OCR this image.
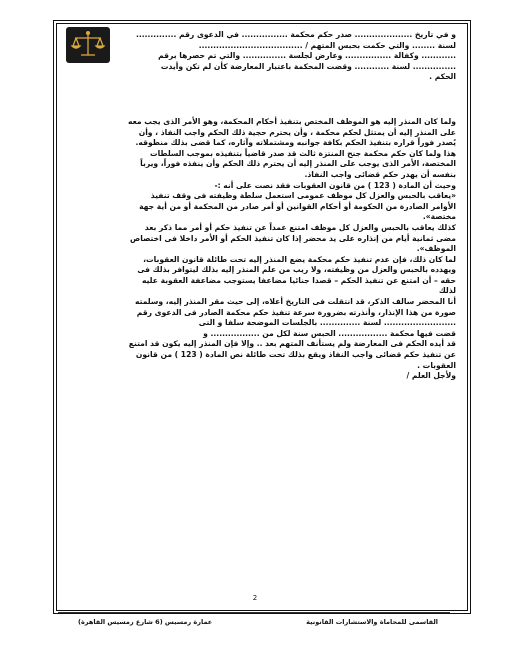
و في تاريخ .................... صدر حكم محكمة ................ في الدعوى رقم ..............

لسنة ........ والتي حكمت بحبس المتهم / ....................................

............ وكفالة ................ وعارض لجلسة ............... والتي تم حصرها برقم

............... لسنة ............ وقضت المحكمة باعتبار المعارضة كأن لم تكن وأيدت

الحكم .

ولما كان المنذر إليه هو الموظف المختص بتنفيذ أحكام المحكمة، وهو الأمر الذى يجب معه على المنذر إليه أن يمتثل لحكم محكمة ، وأن يحترم حجية ذلك الحكم واجب النفاذ ، وأن يُصدر فوراً قراره بتنفيذ الحكم بكافة جوانبه ومشتملاته وآثاره، كما قضى بذلك منطوقه.

هذا ولما كان حكم محكمة جنح المنتزة ثالث قد صدر قاضياً بتنفيذه بموجب السلطات المختصة، الأمر الذى يوجب على المنذر إليه أن يحترم ذلك الحكم وأن ينفذه فوراً، ويرباً بنفسه أن يهدر حكم قضائى واجب النفاذ.

وحيث أن المادة ( 123 ) من قانون العقوبات فقد نصت على أنه :-

«يعاقب بالحبس والعزل كل موظف عمومى استعمل سلطة وظيفته فى وقف تنفيذ الأوامر الصادرة من الحكومة أو أحكام القوانين أو أمر صادر من المحكمة أو من أية جهة مختصة».

كذلك يعاقب بالحبس والعزل كل موظف امتنع عمداً عن تنفيذ حكم أو أمر مما ذكر بعد مضى ثمانية أيام من إنذاره على يد محضر إذا كان تنفيذ الحكم أو الأمر داخلا فى اختصاص الموظف».

لما كان ذلك، فإن عدم تنفيذ حكم محكمة يضع المنذر إليه تحت طائلة قانون العقوبات، ويهدده بالحبس والعزل من وظيفته، ولا ريب من علم المنذر إليه بذلك ليتوافر بذلك فى حقه – أن امتنع عن تنفيذ الحكم – قصدا جنائيا مضاعفا يستوجب مضاعفة العقوبة عليه لذلك

أنا المحضر سالف الذكر، قد انتقلت فى التاريخ أعلاه، إلى حيث مقر المنذر إليه، وسلمته صورة من هذا الإنذار، وأنذرته بضرورة سرعة تنفيذ حكم محكمة الصادر فى الدعوى رقم ......................... لسنة .............. بالجلسات الموضحة سلفا و التى

قضت فيها محكمة ................. الحبس سنة لكل من ................. و

قد أيده الحكم فى المعارضة ولم يستأنف المتهم بعد .. وإلا فإن المنذر إليه يكون قد امتنع عن تنفيذ حكم قضائى واجب النفاذ ويقع بذلك تحت طائلة نص المادة ( 123 ) من قانون العقوبات .

ولأجل العلم /

2
القاسمى للمحاماة والاستشارات القانونية
عمارة رمسيس (6 شارع رمسيس القاهرة)
